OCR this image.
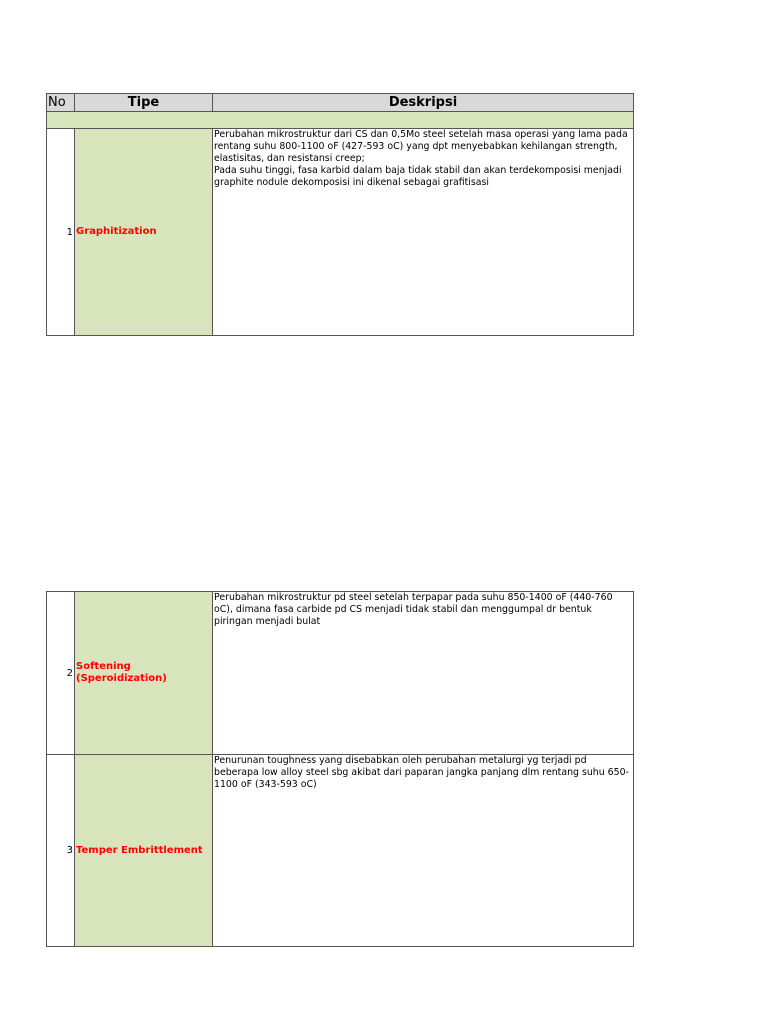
No	Tipe	Deskripsi
1 Graphitization
Perubahan mikrostruktur dari CS dan 0,5Mo steel setelah masa operasi yang lama pada rentang suhu 800-1100 oF (427-593 oC) yang dpt menyebabkan kehilangan strength, elastisitas, dan resistansi creep;
Pada suhu tinggi, fasa karbid dalam baja tidak stabil dan akan terdekomposisi menjadi graphite nodule dekomposisi ini dikenal sebagai grafitisasi
2
Softening (Speroidization)
Perubahan mikrostruktur pd steel setelah terpapar pada suhu 850-1400 oF (440-760 oC), dimana fasa carbide pd CS menjadi tidak stabil dan menggumpal dr bentuk piringan menjadi bulat
3 Temper Embrittlement
Penurunan toughness yang disebabkan oleh perubahan metalurgi yg terjadi pd beberapa low alloy steel sbg akibat dari paparan jangka panjang dlm rentang suhu 650-1100 oF (343-593 oC)
